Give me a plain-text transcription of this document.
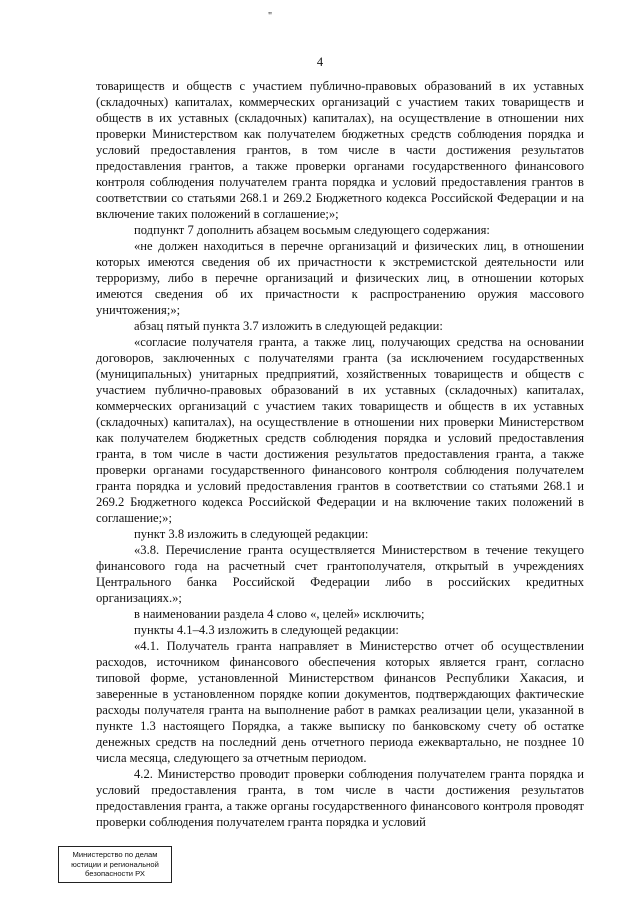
"
4

товариществ и обществ с участием публично-правовых образований в их уставных (складочных) капиталах, коммерческих организаций с участием таких товариществ и обществ в их уставных (складочных) капиталах), на осуществление в отношении них проверки Министерством как получателем бюджетных средств соблюдения порядка и условий предоставления грантов, в том числе в части достижения результатов предоставления грантов, а также проверки органами государственного финансового контроля соблюдения получателем гранта порядка и условий предоставления грантов в соответствии со статьями 268.1 и 269.2 Бюджетного кодекса Российской Федерации и на включение таких положений в соглашение;»;

подпункт 7 дополнить абзацем восьмым следующего содержания:

«не должен находиться в перечне организаций и физических лиц, в отношении которых имеются сведения об их причастности к экстремистской деятельности или терроризму, либо в перечне организаций и физических лиц, в отношении которых имеются сведения об их причастности к распространению оружия массового уничтожения;»;

абзац пятый пункта 3.7 изложить в следующей редакции:

«согласие получателя гранта, а также лиц, получающих средства на основании договоров, заключенных с получателями гранта (за исключением государственных (муниципальных) унитарных предприятий, хозяйственных товариществ и обществ с участием публично-правовых образований в их уставных (складочных) капиталах, коммерческих организаций с участием таких товариществ и обществ в их уставных (складочных) капиталах), на осуществление в отношении них проверки Министерством как получателем бюджетных средств соблюдения порядка и условий предоставления гранта, в том числе в части достижения результатов предоставления гранта, а также проверки органами государственного финансового контроля соблюдения получателем гранта порядка и условий предоставления грантов в соответствии со статьями 268.1 и 269.2 Бюджетного кодекса Российской Федерации и на включение таких положений в соглашение;»;

пункт 3.8 изложить в следующей редакции:

«3.8. Перечисление гранта осуществляется Министерством в течение текущего финансового года на расчетный счет грантополучателя, открытый в учреждениях Центрального банка Российской Федерации либо в российских кредитных организациях.»;

в наименовании раздела 4 слово «, целей» исключить;

пункты 4.1–4.3 изложить в следующей редакции:

«4.1. Получатель гранта направляет в Министерство отчет об осуществлении расходов, источником финансового обеспечения которых является грант, согласно типовой форме, установленной Министерством финансов Республики Хакасия, и заверенные в установленном порядке копии документов, подтверждающих фактические расходы получателя гранта на выполнение работ в рамках реализации цели, указанной в пункте 1.3 настоящего Порядка, а также выписку по банковскому счету об остатке денежных средств на последний день отчетного периода ежеквартально, не позднее 10 числа месяца, следующего за отчетным периодом.

4.2. Министерство проводит проверки соблюдения получателем гранта порядка и условий предоставления гранта, в том числе в части достижения результатов предоставления гранта, а также органы государственного финансового контроля проводят проверки соблюдения получателем гранта порядка и условий

Министерство по делам
юстиции и региональной
безопасности РХ
